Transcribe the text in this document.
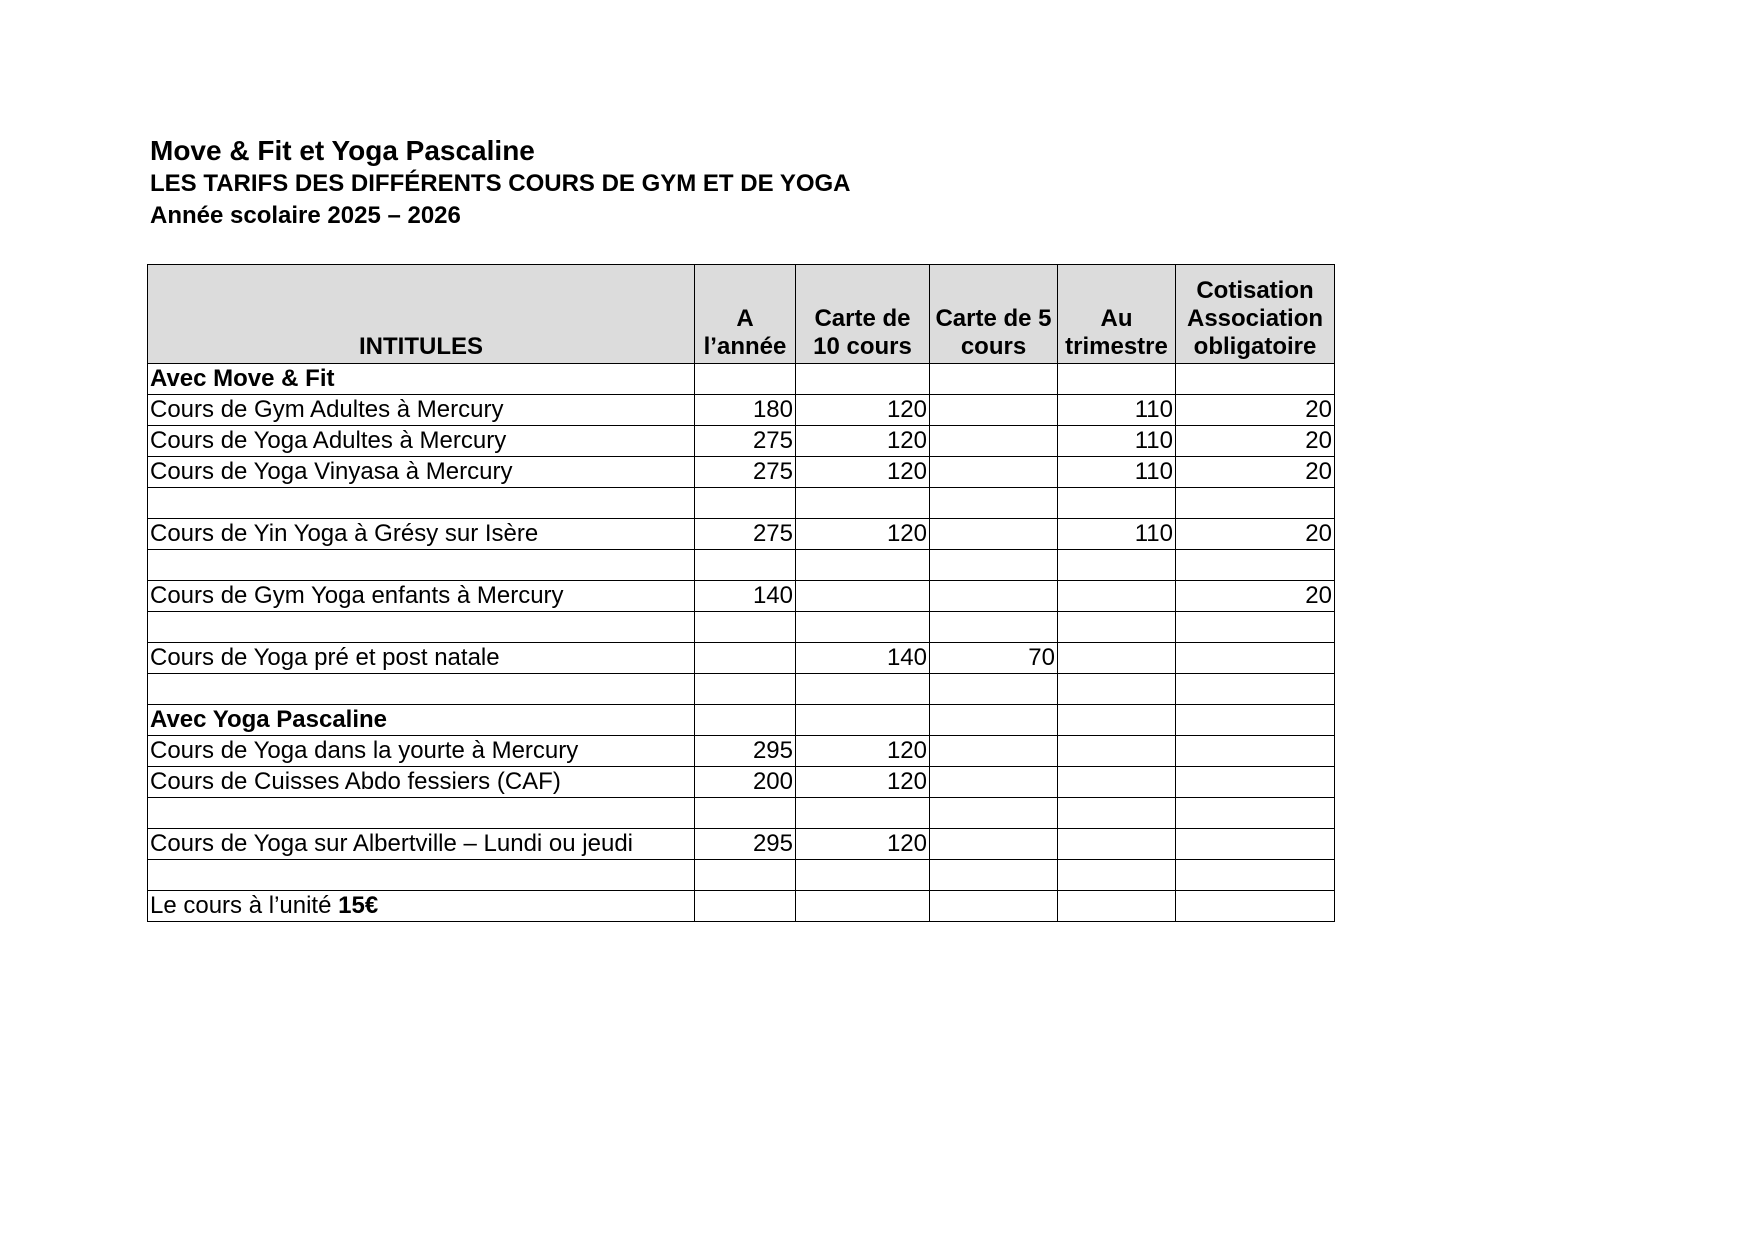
Move & Fit et Yoga Pascaline
LES TARIFS DES DIFFÉRENTS COURS DE GYM ET DE YOGA
Année scolaire 2025 – 2026
INTITULES	A l’année	Carte de 10 cours	Carte de 5 cours	Au trimestre	Cotisation Association obligatoire
Avec Move & Fit					
Cours de Gym Adultes à Mercury	180	120		110	20
Cours de Yoga Adultes à Mercury	275	120		110	20
Cours de Yoga Vinyasa à Mercury	275	120		110	20

Cours de Yin Yoga à Grésy sur Isère	275	120		110	20

Cours de Gym Yoga enfants à Mercury	140				20

Cours de Yoga pré et post natale		140	70		

Avec Yoga Pascaline					
Cours de Yoga dans la yourte à Mercury	295	120			
Cours de Cuisses Abdo fessiers (CAF)	200	120			

Cours de Yoga sur Albertville – Lundi ou jeudi	295	120			

Le cours à l’unité 15€					
